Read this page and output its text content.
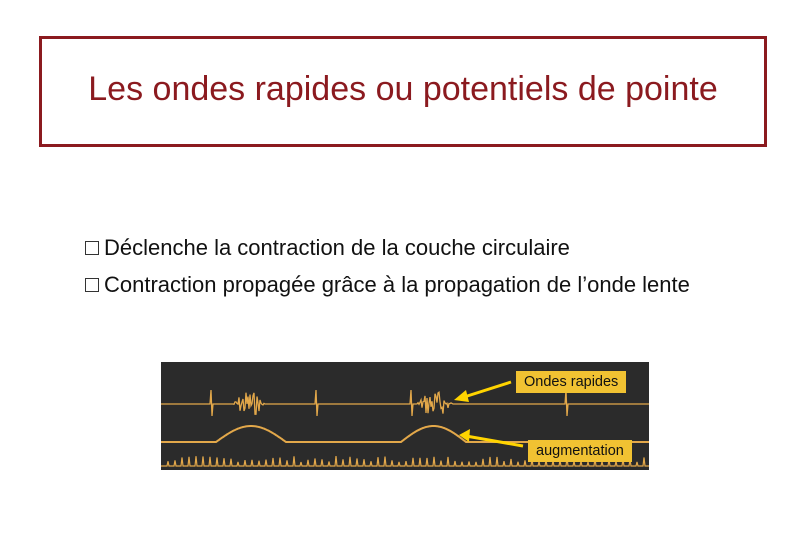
Les ondes rapides ou potentiels de pointe
Déclenche la contraction de la couche circulaire
Contraction propagée grâce à la propagation de l’onde lente
Ondes rapides
augmentation
